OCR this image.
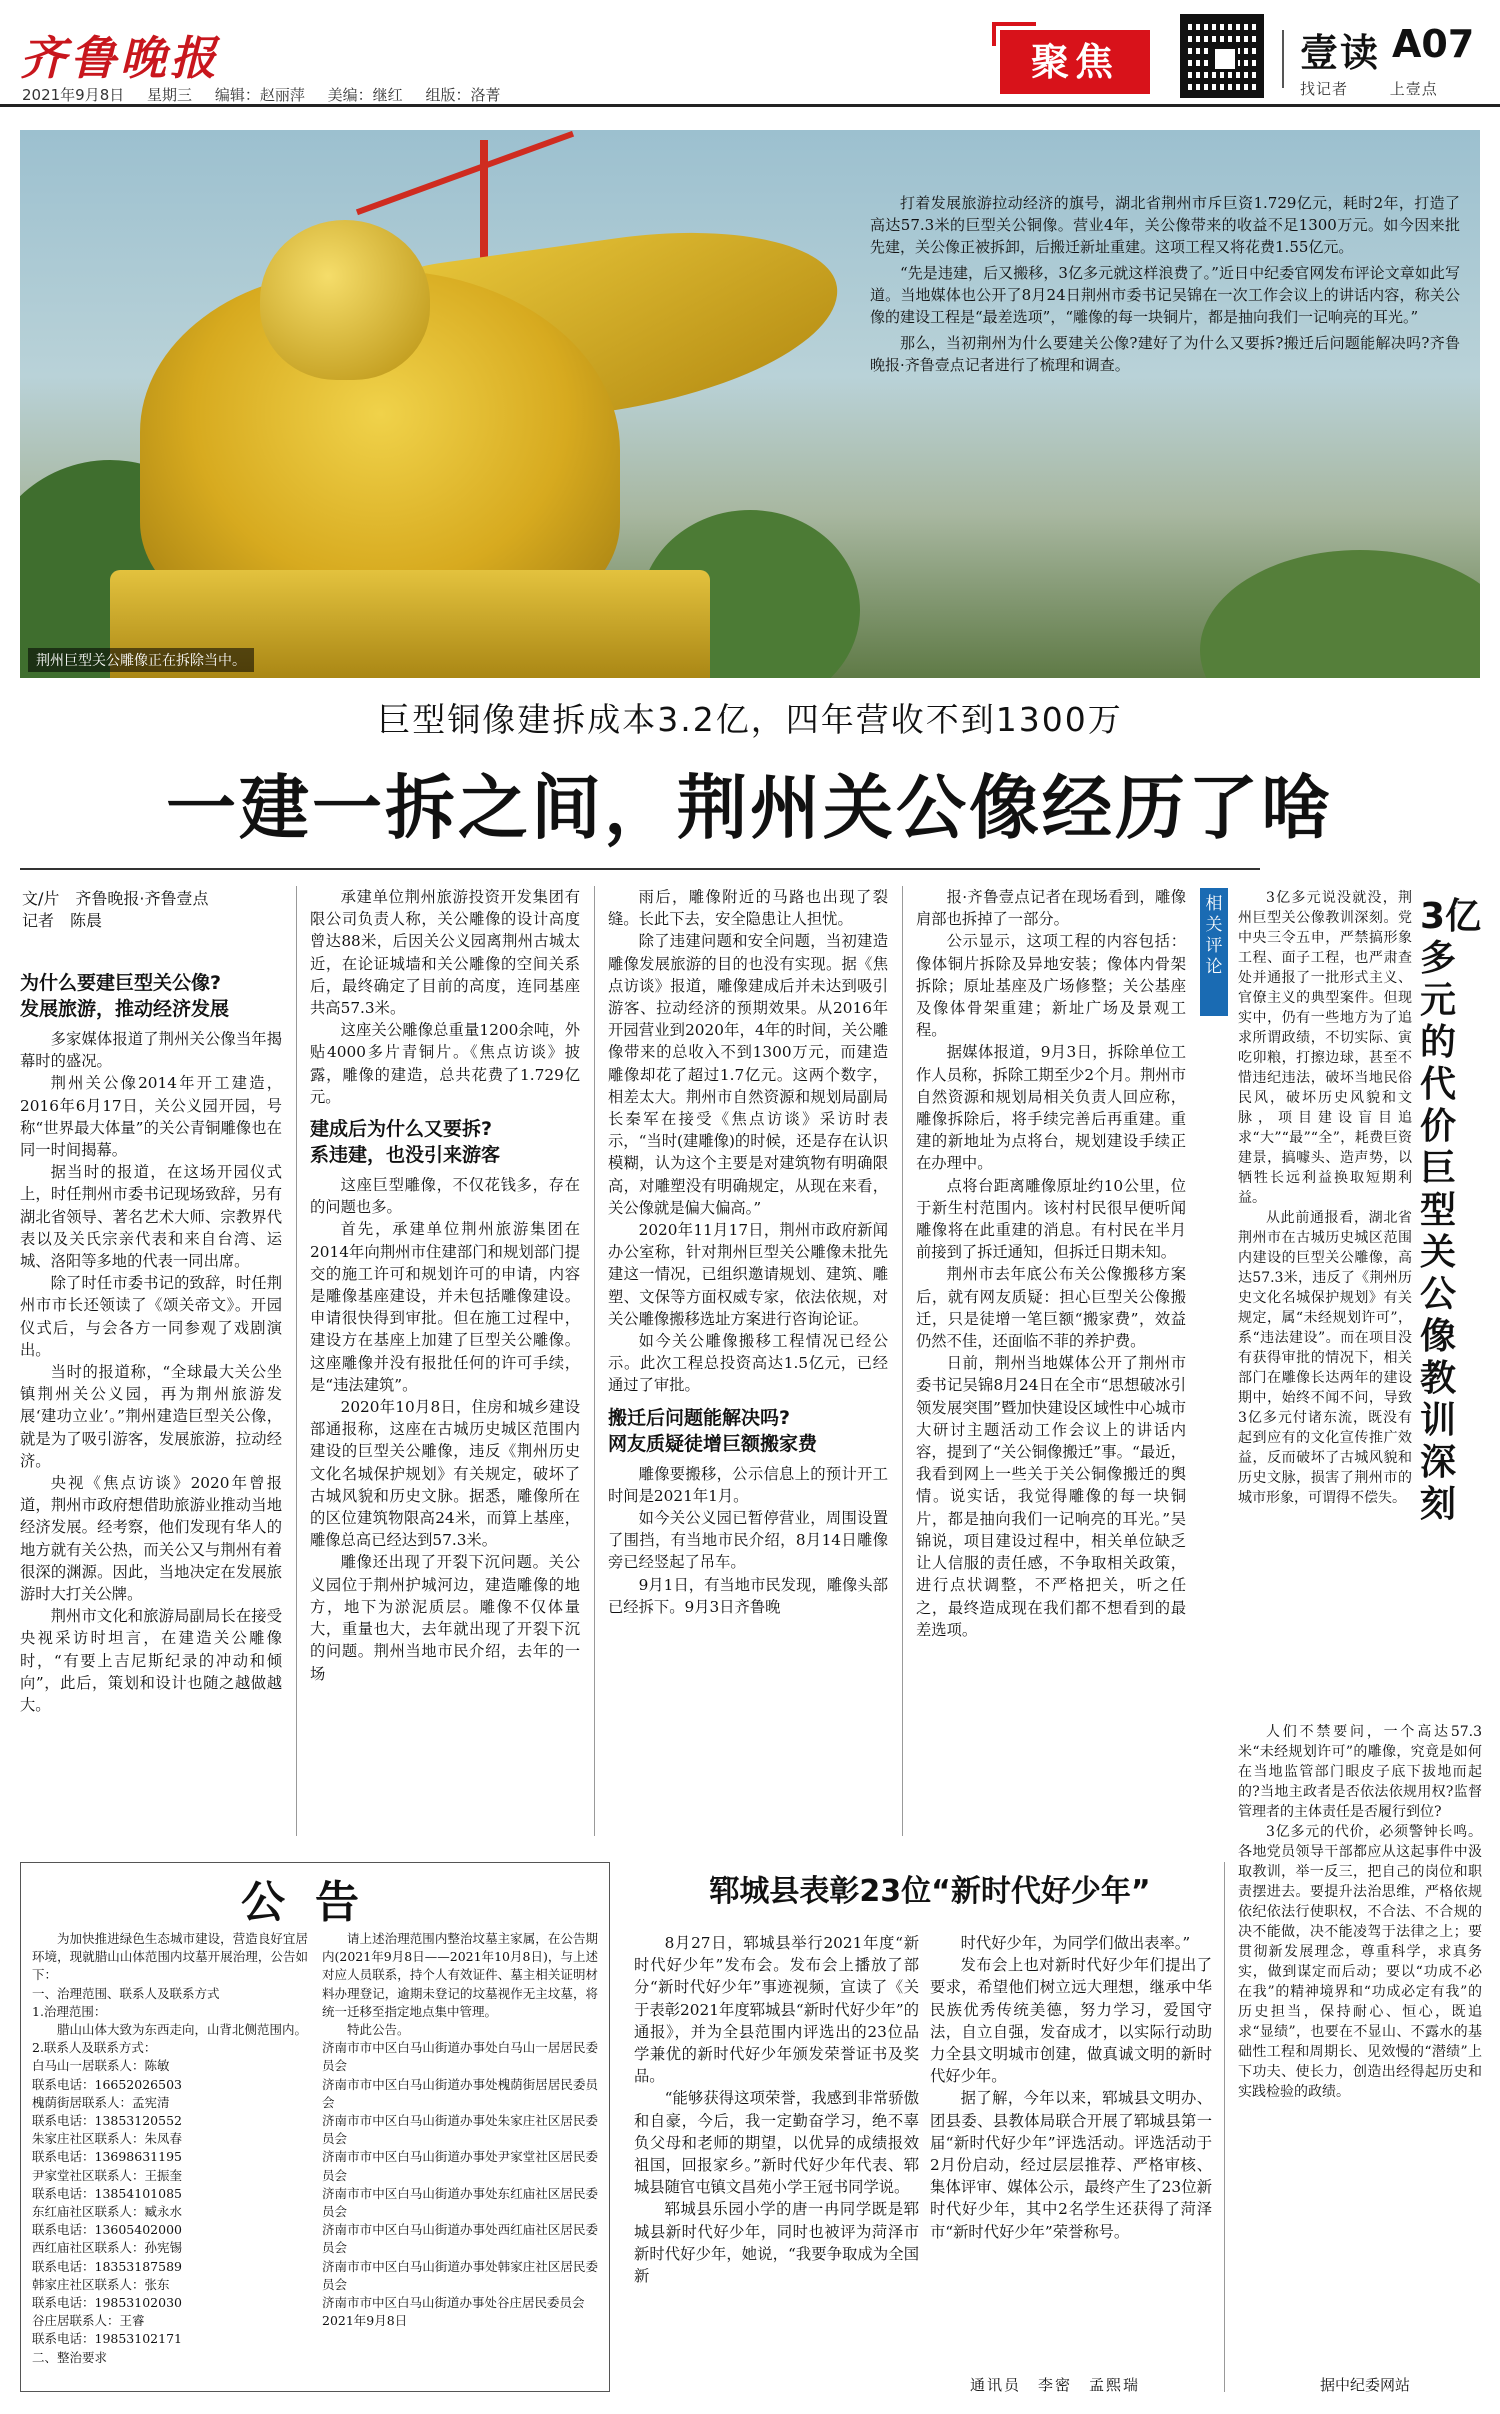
齐鲁晚报
2021年9月8日 星期三 编辑：赵丽萍 美编：继红 组版：洛菁
聚焦	壹读 A07
找记者	上壹点
荆州巨型关公雕像正在拆除当中。

打着发展旅游拉动经济的旗号，湖北省荆州市斥巨资1.729亿元，耗时2年，打造了高达57.3米的巨型关公铜像。营业4年，关公像带来的收益不足1300万元。如今因来批先建，关公像正被拆卸，后搬迁新址重建。这项工程又将花费1.55亿元。

“先是违建，后又搬移，3亿多元就这样浪费了。”近日中纪委官网发布评论文章如此写道。当地媒体也公开了8月24日荆州市委书记吴锦在一次工作会议上的讲话内容，称关公像的建设工程是“最差选项”，“雕像的每一块铜片，都是抽向我们一记响亮的耳光。”

那么，当初荆州为什么要建关公像?建好了为什么又要拆?搬迁后问题能解决吗?齐鲁晚报·齐鲁壹点记者进行了梳理和调查。

巨型铜像建拆成本3.2亿，四年营收不到1300万
一建一拆之间，荆州关公像经历了啥
文/片　齐鲁晚报·齐鲁壹点
记者　陈晨
为什么要建巨型关公像?
发展旅游，推动经济发展

多家媒体报道了荆州关公像当年揭幕时的盛况。

荆州关公像2014年开工建造，2016年6月17日，关公义园开园，号称“世界最大体量”的关公青铜雕像也在同一时间揭幕。

据当时的报道，在这场开园仪式上，时任荆州市委书记现场致辞，另有湖北省领导、著名艺术大师、宗教界代表以及关氏宗亲代表和来自台湾、运城、洛阳等多地的代表一同出席。

除了时任市委书记的致辞，时任荆州市市长还领读了《颂关帝文》。开园仪式后，与会各方一同参观了戏剧演出。

当时的报道称，“全球最大关公坐镇荆州关公义园，再为荆州旅游发展‘建功立业’。”荆州建造巨型关公像，就是为了吸引游客，发展旅游，拉动经济。

央视《焦点访谈》2020年曾报道，荆州市政府想借助旅游业推动当地经济发展。经考察，他们发现有华人的地方就有关公热，而关公又与荆州有着很深的渊源。因此，当地决定在发展旅游时大打关公牌。

荆州市文化和旅游局副局长在接受央视采访时坦言，在建造关公雕像时，“有要上吉尼斯纪录的冲动和倾向”，此后，策划和设计也随之越做越大。

承建单位荆州旅游投资开发集团有限公司负责人称，关公雕像的设计高度曾达88米，后因关公义园离荆州古城太近，在论证城墙和关公雕像的空间关系后，最终确定了目前的高度，连同基座共高57.3米。

这座关公雕像总重量1200余吨，外贴4000多片青铜片。《焦点访谈》披露，雕像的建造，总共花费了1.729亿元。

建成后为什么又要拆?
系违建，也没引来游客

这座巨型雕像，不仅花钱多，存在的问题也多。

首先，承建单位荆州旅游集团在2014年向荆州市住建部门和规划部门提交的施工许可和规划许可的申请，内容是雕像基座建设，并未包括雕像建设。申请很快得到审批。但在施工过程中，建设方在基座上加建了巨型关公雕像。这座雕像并没有报批任何的许可手续，是“违法建筑”。

2020年10月8日，住房和城乡建设部通报称，这座在古城历史城区范围内建设的巨型关公雕像，违反《荆州历史文化名城保护规划》有关规定，破坏了古城风貌和历史文脉。据悉，雕像所在的区位建筑物限高24米，而算上基座，雕像总高已经达到57.3米。

雕像还出现了开裂下沉问题。关公义园位于荆州护城河边，建造雕像的地方，地下为淤泥质层。雕像不仅体量大，重量也大，去年就出现了开裂下沉的问题。荆州当地市民介绍，去年的一场

雨后，雕像附近的马路也出现了裂缝。长此下去，安全隐患让人担忧。

除了违建问题和安全问题，当初建造雕像发展旅游的目的也没有实现。据《焦点访谈》报道，雕像建成后并未达到吸引游客、拉动经济的预期效果。从2016年开园营业到2020年，4年的时间，关公雕像带来的总收入不到1300万元，而建造雕像却花了超过1.7亿元。这两个数字，相差太大。荆州市自然资源和规划局副局长秦军在接受《焦点访谈》采访时表示，“当时(建雕像)的时候，还是存在认识模糊，认为这个主要是对建筑物有明确限高，对雕塑没有明确规定，从现在来看，关公像就是偏大偏高。”

2020年11月17日，荆州市政府新闻办公室称，针对荆州巨型关公雕像未批先建这一情况，已组织邀请规划、建筑、雕塑、文保等方面权威专家，依法依规，对关公雕像搬移选址方案进行咨询论证。

如今关公雕像搬移工程情况已经公示。此次工程总投资高达1.5亿元，已经通过了审批。

搬迁后问题能解决吗?
网友质疑徒增巨额搬家费

雕像要搬移，公示信息上的预计开工时间是2021年1月。

如今关公义园已暂停营业，周围设置了围挡，有当地市民介绍，8月14日雕像旁已经竖起了吊车。

9月1日，有当地市民发现，雕像头部已经拆下。9月3日齐鲁晚

报·齐鲁壹点记者在现场看到，雕像肩部也拆掉了一部分。

公示显示，这项工程的内容包括：像体铜片拆除及异地安装；像体内骨架拆除；原址基座及广场修整；关公基座及像体骨架重建；新址广场及景观工程。

据媒体报道，9月3日，拆除单位工作人员称，拆除工期至少2个月。荆州市自然资源和规划局相关负责人回应称，雕像拆除后，将手续完善后再重建。重建的新地址为点将台，规划建设手续正在办理中。

点将台距离雕像原址约10公里，位于新生村范围内。该村村民很早便听闻雕像将在此重建的消息。有村民在半月前接到了拆迁通知，但拆迁日期未知。

荆州市去年底公布关公像搬移方案后，就有网友质疑：担心巨型关公像搬迁，只是徒增一笔巨额“搬家费”，效益仍然不佳，还面临不菲的养护费。

日前，荆州当地媒体公开了荆州市委书记吴锦8月24日在全市“思想破冰引领发展突围”暨加快建设区域性中心城市大研讨主题活动工作会议上的讲话内容，提到了“关公铜像搬迁”事。“最近，我看到网上一些关于关公铜像搬迁的舆情。说实话，我觉得雕像的每一块铜片，都是抽向我们一记响亮的耳光。”吴锦说，项目建设过程中，相关单位缺乏让人信服的责任感，不争取相关政策，进行点状调整，不严格把关，听之任之，最终造成现在我们都不想看到的最差选项。

相关评论
3亿多元的代价　巨型关公像教训深刻

3亿多元说没就没，荆州巨型关公像教训深刻。党中央三令五申，严禁搞形象工程、面子工程，也严肃查处并通报了一批形式主义、官僚主义的典型案件。但现实中，仍有一些地方为了追求所谓政绩，不切实际、寅吃卯粮，打擦边球，甚至不惜违纪违法，破坏当地民俗民风，破坏历史风貌和文脉，项目建设盲目追求“大”“最”“全”，耗费巨资建景，搞噱头、造声势，以牺牲长远利益换取短期利益。

从此前通报看，湖北省荆州市在古城历史城区范围内建设的巨型关公雕像，高达57.3米，违反了《荆州历史文化名城保护规划》有关规定，属“未经规划许可”，系“违法建设”。而在项目没有获得审批的情况下，相关部门在雕像长达两年的建设期中，始终不闻不问，导致3亿多元付诸东流，既没有起到应有的文化宣传推广效益，反而破坏了古城风貌和历史文脉，损害了荆州市的城市形象，可谓得不偿失。

人们不禁要问，一个高达57.3米“未经规划许可”的雕像，究竟是如何在当地监管部门眼皮子底下拔地而起的?当地主政者是否依法依规用权?监督管理者的主体责任是否履行到位?

3亿多元的代价，必须警钟长鸣。各地党员领导干部都应从这起事件中汲取教训，举一反三，把自己的岗位和职责摆进去。要提升法治思维，严格依规依纪依法行使职权，不合法、不合规的决不能做，决不能凌驾于法律之上；要贯彻新发展理念，尊重科学，求真务实，做到谋定而后动；要以“功成不必在我”的精神境界和“功成必定有我”的历史担当，保持耐心、恒心，既追求“显绩”，也要在不显山、不露水的基础性工程和周期长、见效慢的“潜绩”上下功夫、使长力，创造出经得起历史和实践检验的政绩。

据中纪委网站
公告

为加快推进绿色生态城市建设，营造良好宜居环境，现就腊山山体范围内坟墓开展治理，公告如下：

一、治理范围、联系人及联系方式

1.治理范围：

腊山山体大致为东西走向，山背北侧范围内。

2.联系人及联系方式：

白马山一居联系人：陈敏

联系电话：16652026503

槐荫街居联系人：孟宪清

联系电话：13853120552

朱家庄社区联系人：朱凤春

联系电话：13698631195

尹家堂社区联系人：王振奎

联系电话：13854101085

东红庙社区联系人：臧永水

联系电话：13605402000

西红庙社区联系人：孙宪锡

联系电话：18353187589

韩家庄社区联系人：张东

联系电话：19853102030

谷庄居联系人：王睿

联系电话：19853102171

二、整治要求

请上述治理范围内整治坟墓主家属，在公告期内(2021年9月8日——2021年10月8日)，与上述对应人员联系，持个人有效证件、墓主相关证明材料办理登记，逾期未登记的坟墓视作无主坟墓，将统一迁移至指定地点集中管理。

特此公告。

济南市市中区白马山街道办事处白马山一居居民委员会

济南市市中区白马山街道办事处槐荫街居居民委员会

济南市市中区白马山街道办事处朱家庄社区居民委员会

济南市市中区白马山街道办事处尹家堂社区居民委员会

济南市市中区白马山街道办事处东红庙社区居民委员会

济南市市中区白马山街道办事处西红庙社区居民委员会

济南市市中区白马山街道办事处韩家庄社区居民委员会

济南市市中区白马山街道办事处谷庄居民委员会

2021年9月8日

郓城县表彰23位“新时代好少年”

8月27日，郓城县举行2021年度“新时代好少年”发布会。发布会上播放了部分“新时代好少年”事迹视频，宣读了《关于表彰2021年度郓城县“新时代好少年”的通报》，并为全县范围内评选出的23位品学兼优的新时代好少年颁发荣誉证书及奖品。

“能够获得这项荣誉，我感到非常骄傲和自豪，今后，我一定勤奋学习，绝不辜负父母和老师的期望，以优异的成绩报效祖国，回报家乡。”新时代好少年代表、郓城县随官屯镇文昌苑小学王冠书同学说。

郓城县乐园小学的唐一冉同学既是郓城县新时代好少年，同时也被评为菏泽市新时代好少年，她说，“我要争取成为全国新

时代好少年，为同学们做出表率。”

发布会上也对新时代好少年们提出了要求，希望他们树立远大理想，继承中华民族优秀传统美德，努力学习，爱国守法，自立自强，发奋成才，以实际行动助力全县文明城市创建，做真诚文明的新时代好少年。

据了解，今年以来，郓城县文明办、团县委、县教体局联合开展了郓城县第一届“新时代好少年”评选活动。评选活动于2月份启动，经过层层推荐、严格审核、集体评审、媒体公示，最终产生了23位新时代好少年，其中2名学生还获得了菏泽市“新时代好少年”荣誉称号。

通讯员　李密　孟熙瑞
